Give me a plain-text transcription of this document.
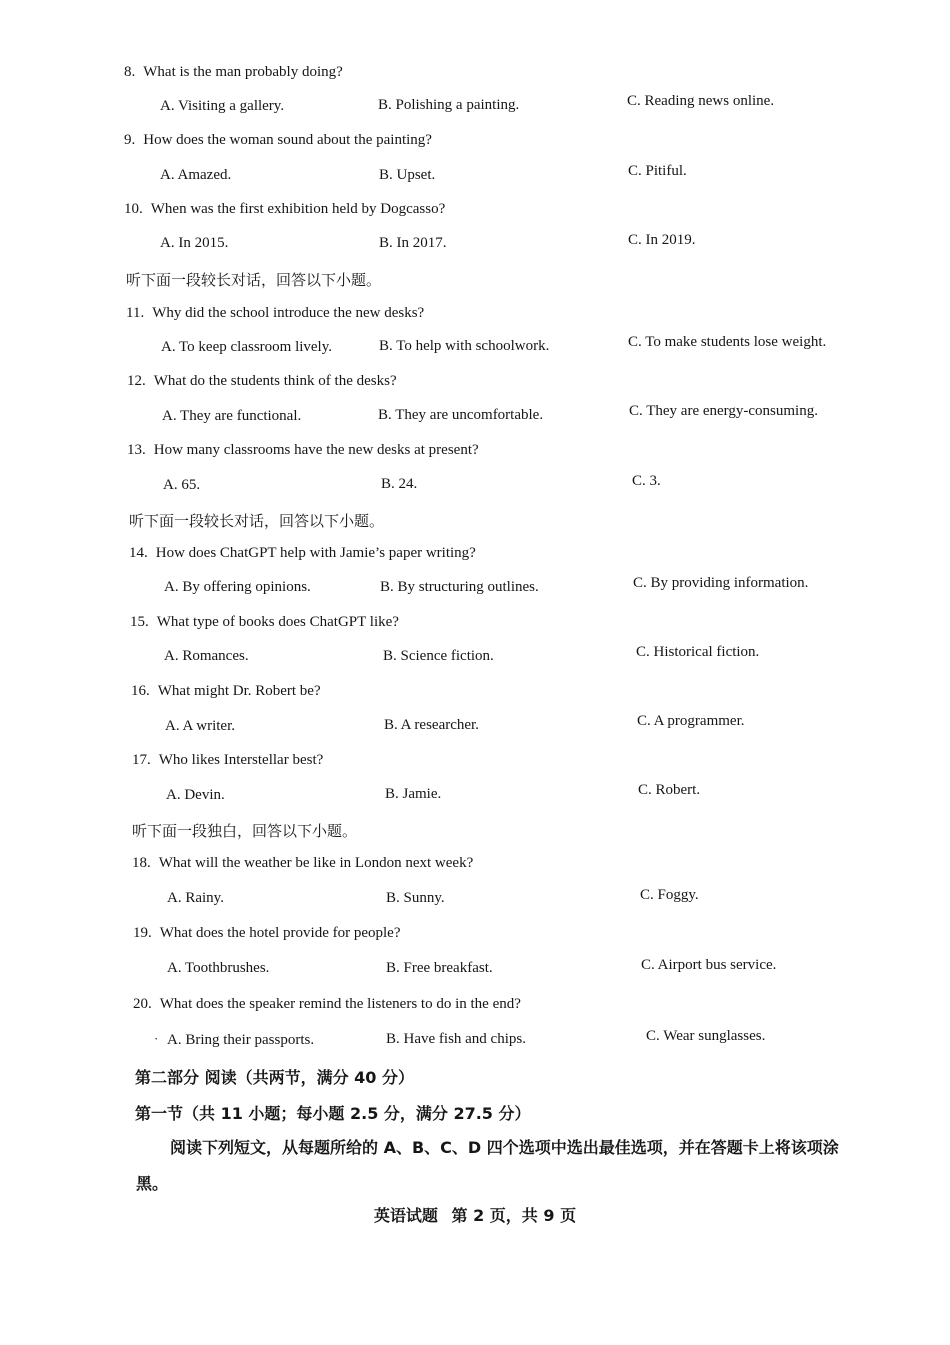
8. What is the man probably doing?
A. Visiting a gallery.	B. Polishing a painting.	C. Reading news online.
9. How does the woman sound about the painting?
A. Amazed.	B. Upset.	C. Pitiful.
10. When was the first exhibition held by Dogcasso?
A. In 2015.	B. In 2017.	C. In 2019.
听下面一段较长对话，回答以下小题。
11. Why did the school introduce the new desks?
A. To keep classroom lively.	B. To help with schoolwork.	C. To make students lose weight.
12. What do the students think of the desks?
A. They are functional.	B. They are uncomfortable.	C. They are energy-consuming.
13. How many classrooms have the new desks at present?
A. 65.	B. 24.	C. 3.
听下面一段较长对话，回答以下小题。
14. How does ChatGPT help with Jamie’s paper writing?
A. By offering opinions.	B. By structuring outlines.	C. By providing information.
15. What type of books does ChatGPT like?
A. Romances.	B. Science fiction.	C. Historical fiction.
16. What might Dr. Robert be?
A. A writer.	B. A researcher.	C. A programmer.
17. Who likes Interstellar best?
A. Devin.	B. Jamie.	C. Robert.
听下面一段独白，回答以下小题。
18. What will the weather be like in London next week?
A. Rainy.	B. Sunny.	C. Foggy.
19. What does the hotel provide for people?
A. Toothbrushes.	B. Free breakfast.	C. Airport bus service.
20. What does the speaker remind the listeners to do in the end?
· A. Bring their passports.	B. Have fish and chips.	C. Wear sunglasses.
第二部分 阅读（共两节，满分 40 分）
第一节（共 11 小题；每小题 2.5 分，满分 27.5 分）
阅读下列短文，从每题所给的 A、B、C、D 四个选项中选出最佳选项，并在答题卡上将该项涂
黑。
英语试题 第 2 页，共 9 页
